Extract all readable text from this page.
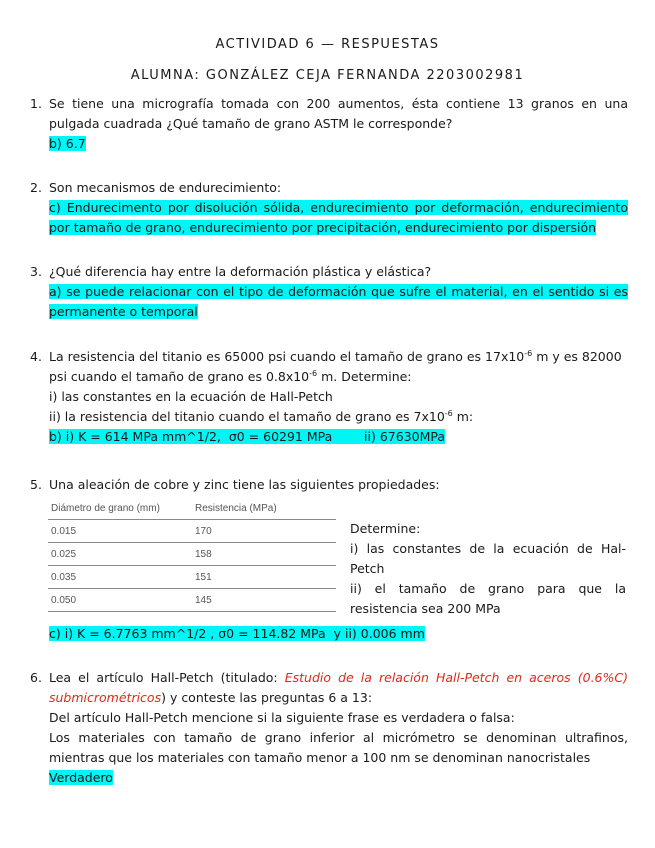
ACTIVIDAD 6 — RESPUESTAS
ALUMNA: GONZÁLEZ CEJA FERNANDA 2203002981
1. Se tiene una micrografía tomada con 200 aumentos, ésta contiene 13 granos en una pulgada cuadrada ¿Qué tamaño de grano ASTM le corresponde?
b) 6.7
2. Son mecanismos de endurecimiento:
c) Endurecimento por disolución sólida, endurecimiento por deformación, endurecimiento por tamaño de grano, endurecimiento por precipitación, endurecimiento por dispersión
3. ¿Qué diferencia hay entre la deformación plástica y elástica?
a) se puede relacionar con el tipo de deformación que sufre el material, en el sentido si es permanente o temporal
4. La resistencia del titanio es 65000 psi cuando el tamaño de grano es $17x10^{-6}$ m y es 82000 psi cuando el tamaño de grano es $0.8x10^{-6}$ m. Determine:
i) las constantes en la ecuación de Hall-Petch
ii) la resistencia del titanio cuando el tamaño de grano es $7x10^{-6}$ m:
b) i) K = 614 MPa mm^1/2,  σ0 = 60291 MPa        ii) 67630MPa
5. Una aleación de cobre y zinc tiene las siguientes propiedades:
Diámetro de grano (mm)	Resistencia (MPa)
0.015	170
0.025	158
0.035	151
0.050	145
Determine:
i) las constantes de la ecuación de Hal-Petch
ii) el tamaño de grano para que la resistencia sea 200 MPa
c) i) K = 6.7763 mm^1/2 , σ0 = 114.82 MPa  y ii) 0.006 mm
6. Lea el artículo Hall-Petch (titulado: Estudio de la relación Hall-Petch en aceros (0.6%C) submicrométricos) y conteste las preguntas 6 a 13:
Del artículo Hall-Petch mencione si la siguiente frase es verdadera o falsa:
Los materiales con tamaño de grano inferior al micrómetro se denominan ultrafinos, mientras que los materiales con tamaño menor a 100 nm se denominan nanocristales
Verdadero
